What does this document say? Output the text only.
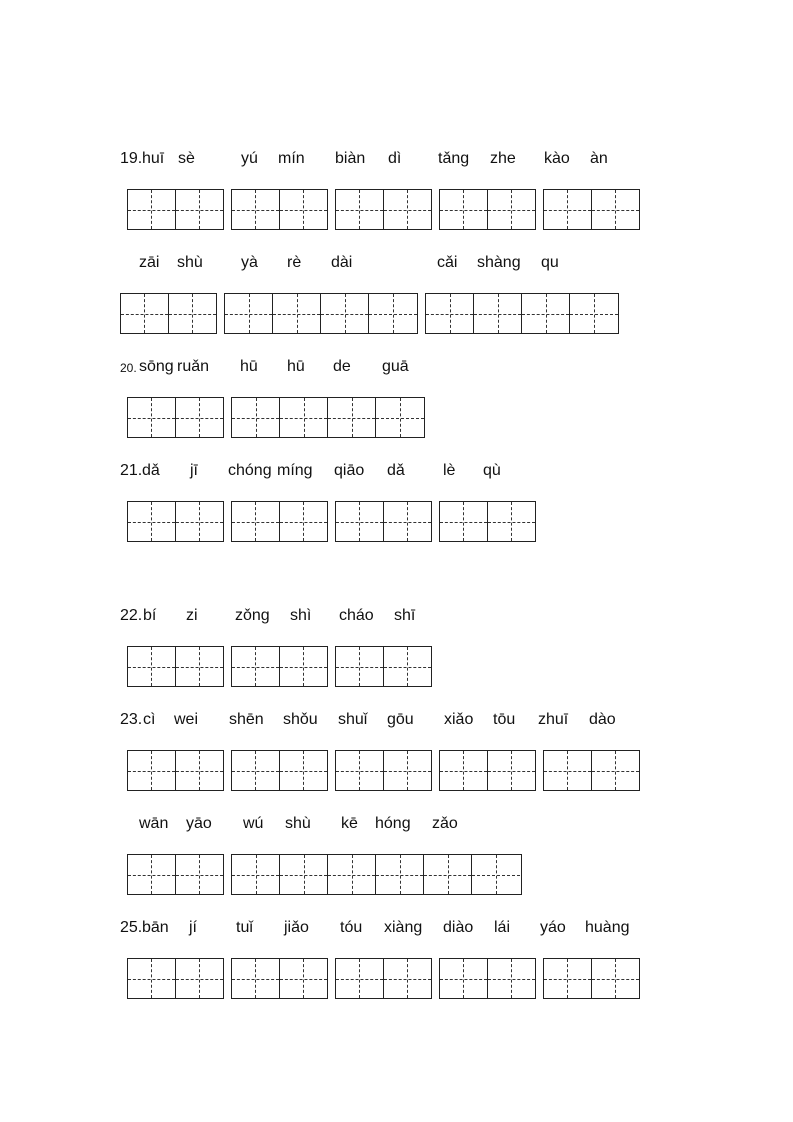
19. huī sè	yú mín biàn dì tǎng zhe kào àn
zāi shù yà rè dài	cǎi shàng qu
20. sōng ruǎn hū hū de guā
21. dǎ jī chóng míng qiāo dǎ lè qù
22. bí zi zǒng shì cháo shī
23. cì wei shēn shǒu shuǐ gōu xiǎo tōu zhuī dào
wān yāo wú shù kē hóng zǎo
25. bān jí tuǐ jiǎo tóu xiàng diào lái yáo huàng
